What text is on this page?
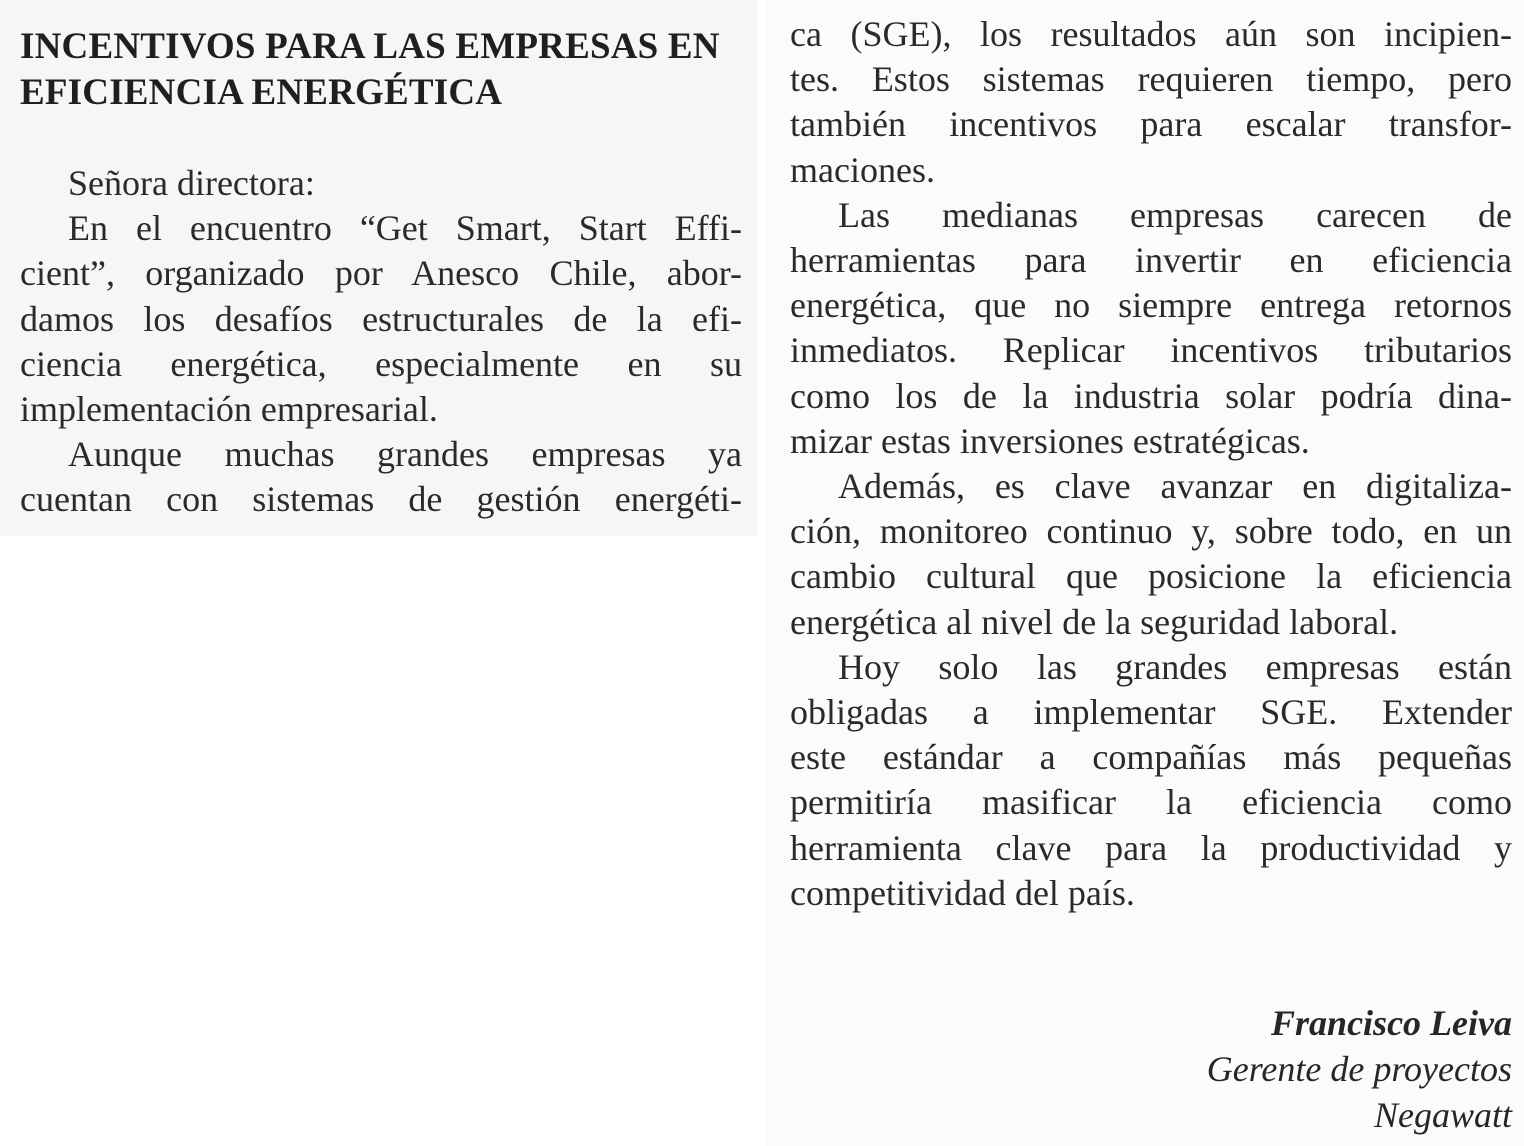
INCENTIVOS PARA LAS EMPRESAS EN
EFICIENCIA ENERGÉTICA
Señora directora:
En el encuentro “Get Smart, Start Effi-
cient”, organizado por Anesco Chile, abor-
damos los desafíos estructurales de la efi-
ciencia energética, especialmente en su
implementación empresarial.
Aunque muchas grandes empresas ya
cuentan con sistemas de gestión energéti-
ca (SGE), los resultados aún son incipien-
tes. Estos sistemas requieren tiempo, pero
también incentivos para escalar transfor-
maciones.
Las medianas empresas carecen de
herramientas para invertir en eficiencia
energética, que no siempre entrega retornos
inmediatos. Replicar incentivos tributarios
como los de la industria solar podría dina-
mizar estas inversiones estratégicas.
Además, es clave avanzar en digitaliza-
ción, monitoreo continuo y, sobre todo, en un
cambio cultural que posicione la eficiencia
energética al nivel de la seguridad laboral.
Hoy solo las grandes empresas están
obligadas a implementar SGE. Extender
este estándar a compañías más pequeñas
permitiría masificar la eficiencia como
herramienta clave para la productividad y
competitividad del país.
Francisco Leiva
Gerente de proyectos
Negawatt
